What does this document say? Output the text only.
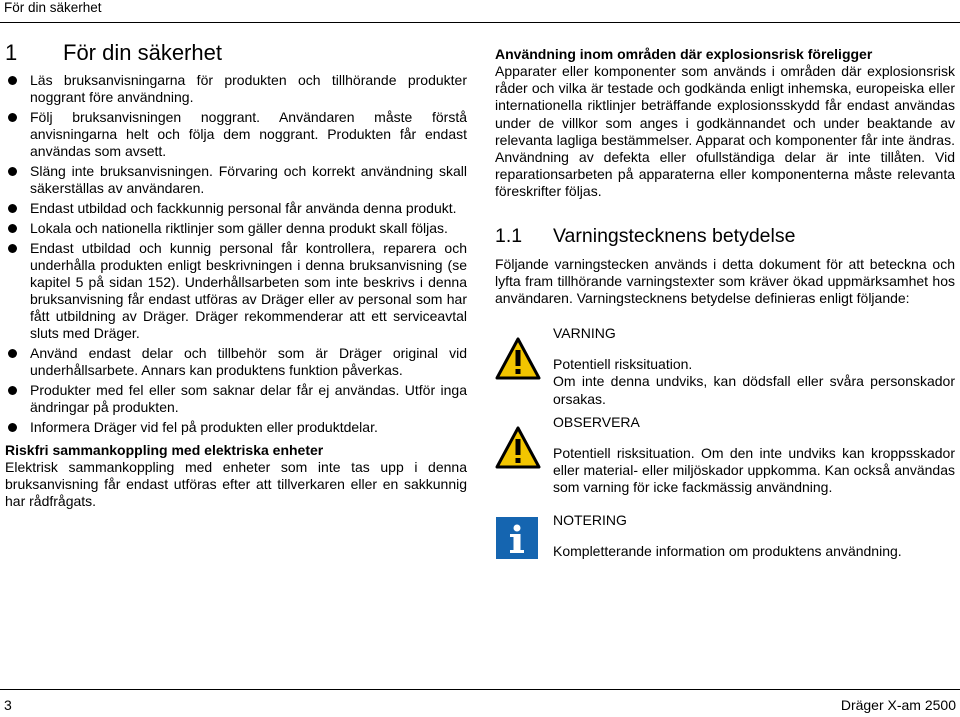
För din säkerhet
1	För din säkerhet
Läs bruksanvisningarna för produkten och tillhörande produkter noggrant före användning.
Följ bruksanvisningen noggrant. Användaren måste förstå anvisningarna helt och följa dem noggrant. Produkten får endast användas som avsett.
Släng inte bruksanvisningen. Förvaring och korrekt användning skall säkerställas av användaren.
Endast utbildad och fackkunnig personal får använda denna produkt.
Lokala och nationella riktlinjer som gäller denna produkt skall följas.
Endast utbildad och kunnig personal får kontrollera, reparera och underhålla produkten enligt beskrivningen i denna bruksanvisning (se kapitel 5 på sidan 152). Underhållsarbeten som inte beskrivs i denna bruksanvisning får endast utföras av Dräger eller av personal som har fått utbildning av Dräger. Dräger rekommenderar att ett serviceavtal sluts med Dräger.
Använd endast delar och tillbehör som är Dräger original vid underhållsarbete. Annars kan produktens funktion påverkas.
Produkter med fel eller som saknar delar får ej användas. Utför inga ändringar på produkten.
Informera Dräger vid fel på produkten eller produktdelar.
Riskfri sammankoppling med elektriska enheter

Elektrisk sammankoppling med enheter som inte tas upp i denna bruksanvisning får endast utföras efter att tillverkaren eller en sakkunnig har rådfrågats.

Användning inom områden där explosionsrisk föreligger

Apparater eller komponenter som används i områden där explosionsrisk råder och vilka är testade och godkända enligt inhemska, europeiska eller internationella riktlinjer beträffande explosionsskydd får endast användas under de villkor som anges i godkännandet och under beaktande av relevanta lagliga bestämmelser. Apparat och komponenter får inte ändras. Användning av defekta eller ofullständiga delar är inte tillåten. Vid reparationsarbeten på apparaterna eller komponenterna måste relevanta föreskrifter följas.

1.1	Varningstecknens betydelse

Följande varningstecken används i detta dokument för att beteckna och lyfta fram tillhörande varningstexter som kräver ökad uppmärksamhet hos användaren. Varningstecknens betydelse definieras enligt följande:

VARNING

Potentiell risksituation.

Om inte denna undviks, kan dödsfall eller svåra personskador orsakas.

OBSERVERA

Potentiell risksituation. Om den inte undviks kan kroppsskador eller material- eller miljöskador uppkomma. Kan också användas som varning för icke fackmässig användning.

NOTERING

Kompletterande information om produktens användning.

3	Dräger X-am 2500
